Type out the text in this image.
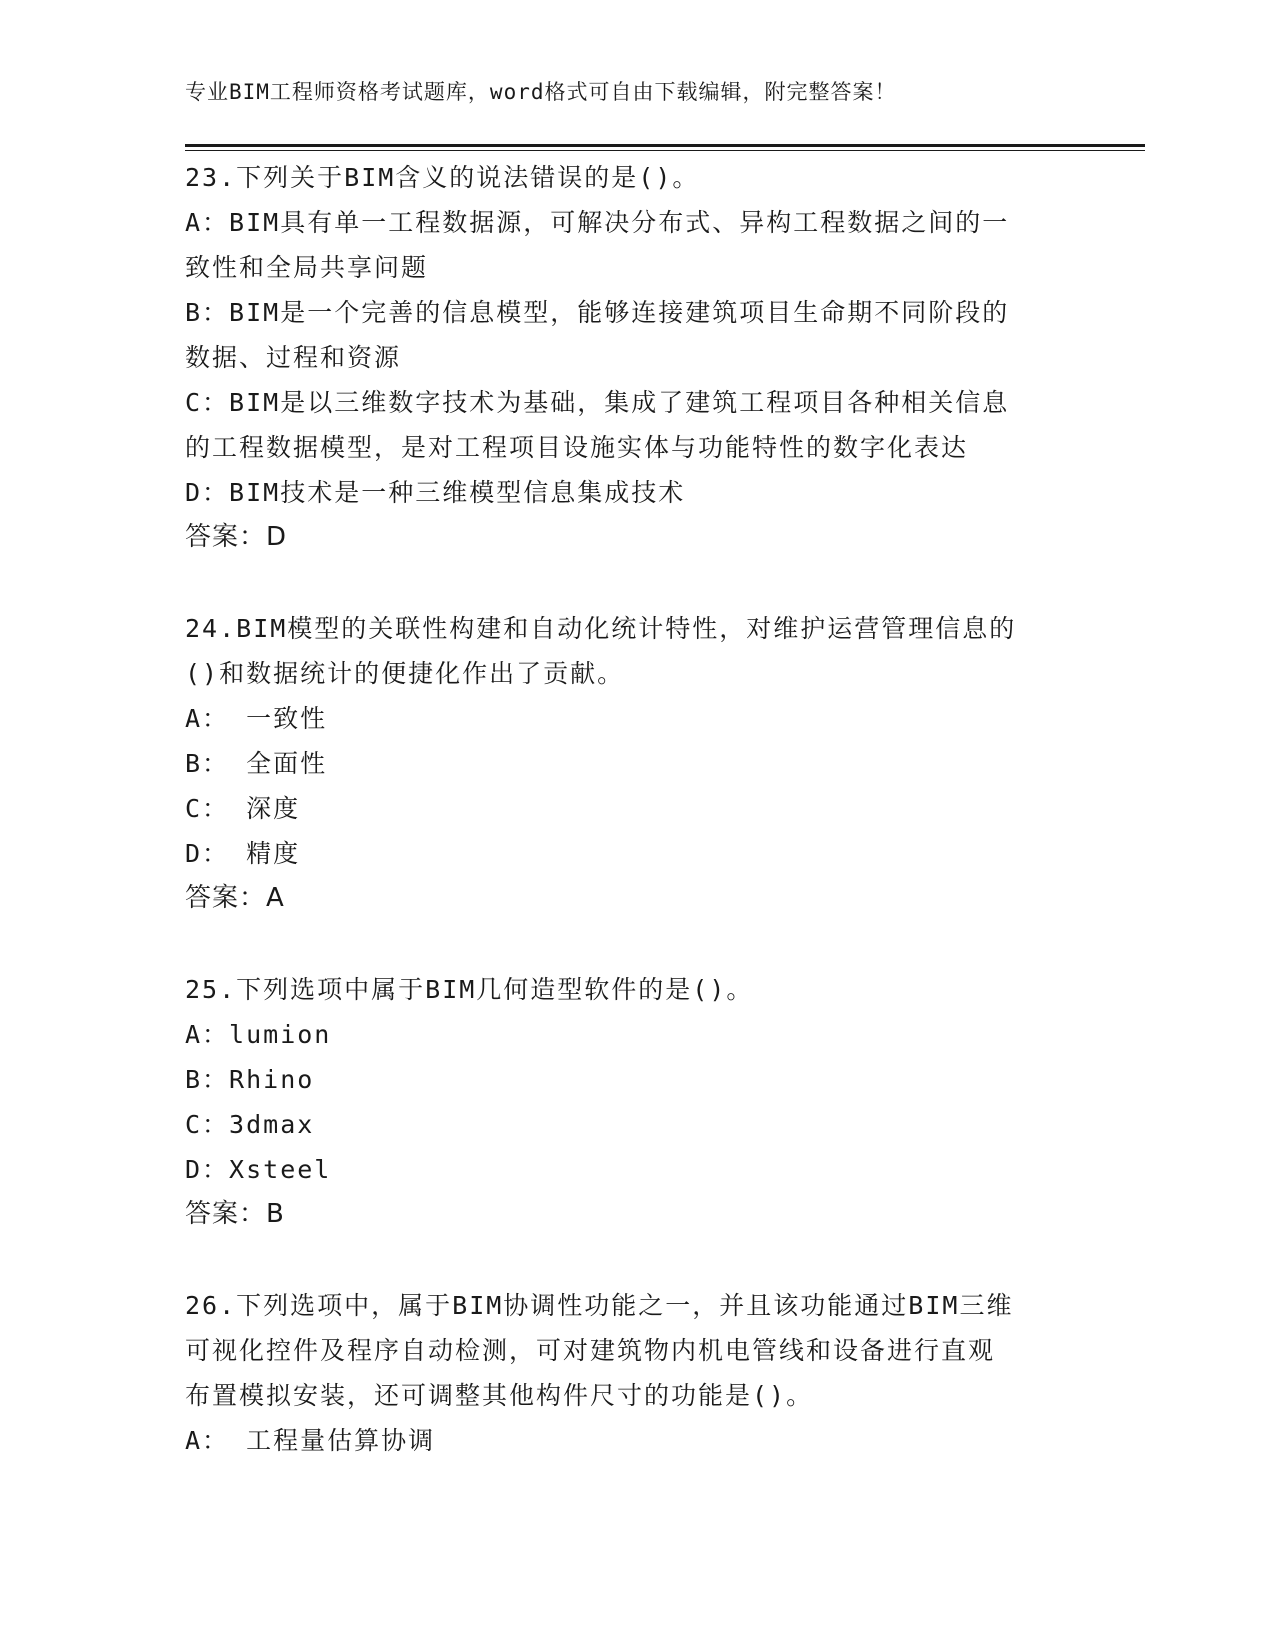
专业BIM工程师资格考试题库，word格式可自由下载编辑，附完整答案！
23.下列关于BIM含义的说法错误的是()。
A：BIM具有单一工程数据源，可解决分布式、异构工程数据之间的一
致性和全局共享问题
B：BIM是一个完善的信息模型，能够连接建筑项目生命期不同阶段的
数据、过程和资源
C：BIM是以三维数字技术为基础，集成了建筑工程项目各种相关信息
的工程数据模型，是对工程项目设施实体与功能特性的数字化表达
D：BIM技术是一种三维模型信息集成技术
答案：D
24.BIM模型的关联性构建和自动化统计特性，对维护运营管理信息的
()和数据统计的便捷化作出了贡献。
A： 一致性
B： 全面性
C： 深度
D： 精度
答案：A
25.下列选项中属于BIM几何造型软件的是()。
A：lumion
B：Rhino
C：3dmax
D：Xsteel
答案：B
26.下列选项中，属于BIM协调性功能之一，并且该功能通过BIM三维
可视化控件及程序自动检测，可对建筑物内机电管线和设备进行直观
布置模拟安装，还可调整其他构件尺寸的功能是()。
A： 工程量估算协调
